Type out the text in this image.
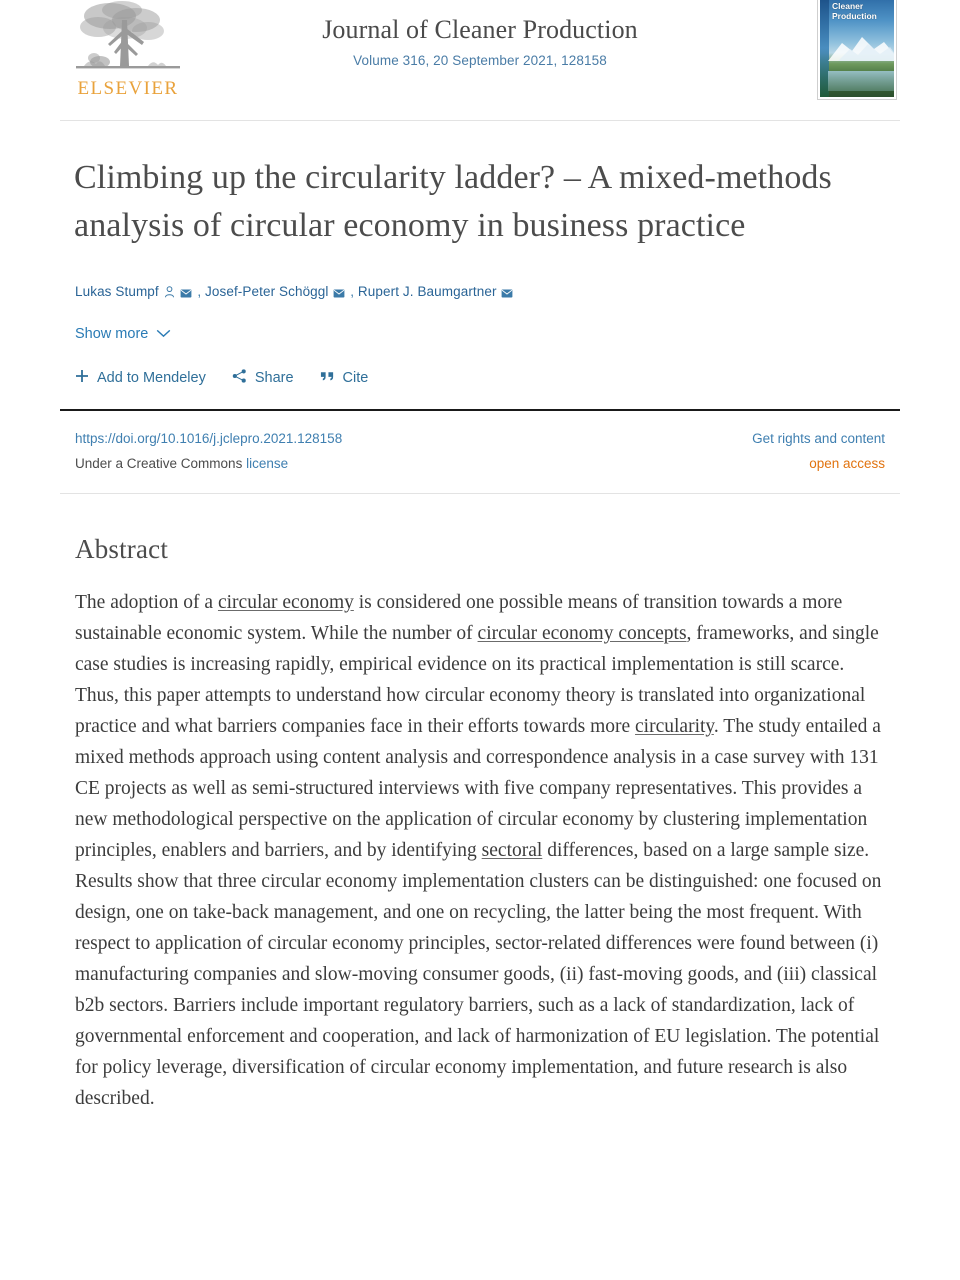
ELSEVIER
Journal of Cleaner Production
Volume 316, 20 September 2021, 128158
Cleaner
Production
Climbing up the circularity ladder? – A mixed-methods analysis of circular economy in business practice
Lukas Stumpf	, Josef-Peter Schöggl , Rupert J. Baumgartner
Show more
Add to Mendeley	Share	Cite
https://doi.org/10.1016/j.jclepro.2021.128158	Get rights and content
Under a Creative Commons license	open access
Abstract

The adoption of a circular economy is considered one possible means of transition towards a more sustainable economic system. While the number of circular economy concepts, frameworks, and single case studies is increasing rapidly, empirical evidence on its practical implementation is still scarce. Thus, this paper attempts to understand how circular economy theory is translated into organizational practice and what barriers companies face in their efforts towards more circularity. The study entailed a mixed methods approach using content analysis and correspondence analysis in a case survey with 131 CE projects as well as semi-structured interviews with five company representatives. This provides a new methodological perspective on the application of circular economy by clustering implementation principles, enablers and barriers, and by identifying sectoral differences, based on a large sample size. Results show that three circular economy implementation clusters can be distinguished: one focused on design, one on take-back management, and one on recycling, the latter being the most frequent. With respect to application of circular economy principles, sector-related differences were found between (i) manufacturing companies and slow-moving consumer goods, (ii) fast-moving goods, and (iii) classical b2b sectors. Barriers include important regulatory barriers, such as a lack of standardization, lack of governmental enforcement and cooperation, and lack of harmonization of EU legislation. The potential for policy leverage, diversification of circular economy implementation, and future research is also described.
